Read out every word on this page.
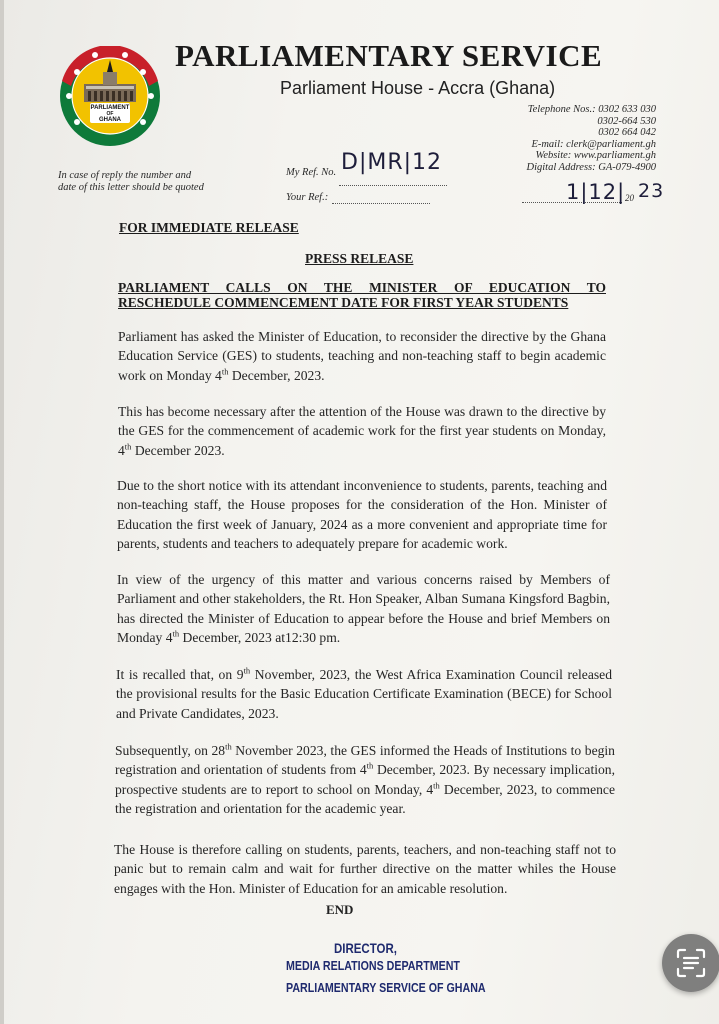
PARLIAMENT
OF
GHANA
PARLIAMENTARY SERVICE
Parliament House - Accra (Ghana)
Telephone Nos.: 0302 633 030
0302-664 530
0302 664 042
E-mail: clerk@parliament.gh
Website: www.parliament.gh
Digital Address: GA-079-4900
In case of reply the number and date of this letter should be quoted
My Ref. No. D|MR|12
Your Ref.:	1|12| 20 23
FOR IMMEDIATE RELEASE
PRESS RELEASE
PARLIAMENT CALLS ON THE MINISTER OF EDUCATION TO
RESCHEDULE COMMENCEMENT DATE FOR FIRST YEAR STUDENTS
Parliament has asked the Minister of Education, to reconsider the directive by the Ghana Education Service (GES) to students, teaching and non-teaching staff to begin academic work on Monday 4th December, 2023.
This has become necessary after the attention of the House was drawn to the directive by the GES for the commencement of academic work for the first year students on Monday, 4th December 2023.
Due to the short notice with its attendant inconvenience to students, parents, teaching and non-teaching staff, the House proposes for the consideration of the Hon. Minister of Education the first week of January, 2024 as a more convenient and appropriate time for parents, students and teachers to adequately prepare for academic work.
In view of the urgency of this matter and various concerns raised by Members of Parliament and other stakeholders, the Rt. Hon Speaker, Alban Sumana Kingsford Bagbin, has directed the Minister of Education to appear before the House and brief Members on Monday 4th December, 2023 at12:30 pm.
It is recalled that, on 9th November, 2023, the West Africa Examination Council released the provisional results for the Basic Education Certificate Examination (BECE) for School and Private Candidates, 2023.
Subsequently, on 28th November 2023, the GES informed the Heads of Institutions to begin registration and orientation of students from 4th December, 2023. By necessary implication, prospective students are to report to school on Monday, 4th December, 2023, to commence the registration and orientation for the academic year.
The House is therefore calling on students, parents, teachers, and non-teaching staff not to panic but to remain calm and wait for further directive on the matter whiles the House engages with the Hon. Minister of Education for an amicable resolution.
END
DIRECTOR,
MEDIA RELATIONS DEPARTMENT
PARLIAMENTARY SERVICE OF GHANA
